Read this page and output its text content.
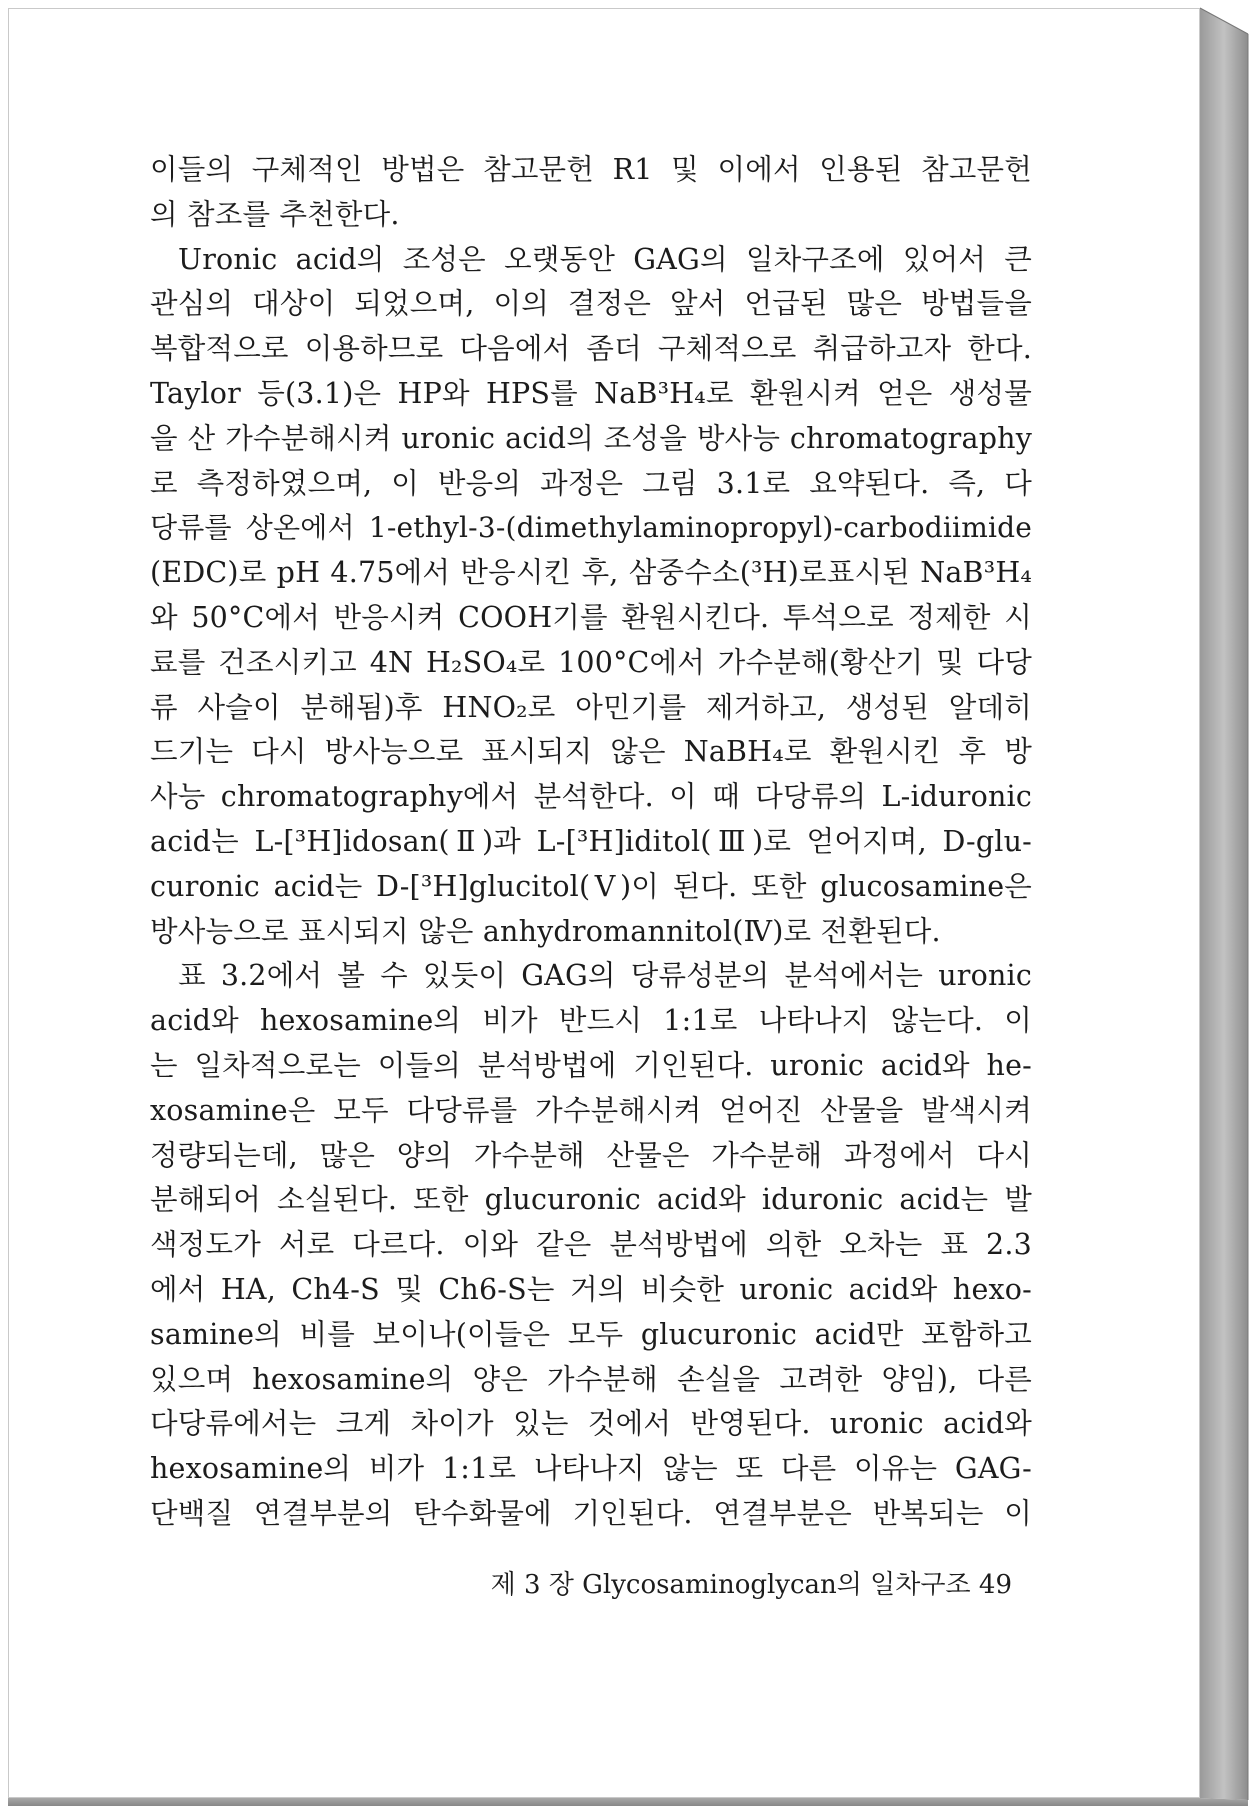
이들의 구체적인 방법은 참고문헌 R1 및 이에서 인용된 참고문헌
의 참조를 추천한다.
Uronic acid의 조성은 오랫동안 GAG의 일차구조에 있어서 큰
관심의 대상이 되었으며, 이의 결정은 앞서 언급된 많은 방법들을
복합적으로 이용하므로 다음에서 좀더 구체적으로 취급하고자 한다.
Taylor 등(3.1)은 HP와 HPS를 NaB³H₄로 환원시켜 얻은 생성물
을 산 가수분해시켜 uronic acid의 조성을 방사능 chromatography
로 측정하였으며, 이 반응의 과정은 그림 3.1로 요약된다. 즉, 다
당류를 상온에서 1-ethyl-3-(dimethylaminopropyl)-carbodiimide
(EDC)로 pH 4.75에서 반응시킨 후, 삼중수소(³H)로표시된 NaB³H₄
와 50°C에서 반응시켜 COOH기를 환원시킨다. 투석으로 정제한 시
료를 건조시키고 4N H₂SO₄로 100°C에서 가수분해(황산기 및 다당
류 사슬이 분해됨)후 HNO₂로 아민기를 제거하고, 생성된 알데히
드기는 다시 방사능으로 표시되지 않은 NaBH₄로 환원시킨 후 방
사능 chromatography에서 분석한다. 이 때 다당류의 L-iduronic
acid는 L-[³H]idosan(Ⅱ)과 L-[³H]iditol(Ⅲ)로 얻어지며, D-glu-
curonic acid는 D-[³H]glucitol(Ⅴ)이 된다. 또한 glucosamine은
방사능으로 표시되지 않은 anhydromannitol(Ⅳ)로 전환된다.
표 3.2에서 볼 수 있듯이 GAG의 당류성분의 분석에서는 uronic
acid와 hexosamine의 비가 반드시 1:1로 나타나지 않는다. 이
는 일차적으로는 이들의 분석방법에 기인된다. uronic acid와 he-
xosamine은 모두 다당류를 가수분해시켜 얻어진 산물을 발색시켜
정량되는데, 많은 양의 가수분해 산물은 가수분해 과정에서 다시
분해되어 소실된다. 또한 glucuronic acid와 iduronic acid는 발
색정도가 서로 다르다. 이와 같은 분석방법에 의한 오차는 표 2.3
에서 HA, Ch4-S 및 Ch6-S는 거의 비슷한 uronic acid와 hexo-
samine의 비를 보이나(이들은 모두 glucuronic acid만 포함하고
있으며 hexosamine의 양은 가수분해 손실을 고려한 양임), 다른
다당류에서는 크게 차이가 있는 것에서 반영된다. uronic acid와
hexosamine의 비가 1:1로 나타나지 않는 또 다른 이유는 GAG-
단백질 연결부분의 탄수화물에 기인된다. 연결부분은 반복되는 이
제 3 장 Glycosaminoglycan의 일차구조 49
